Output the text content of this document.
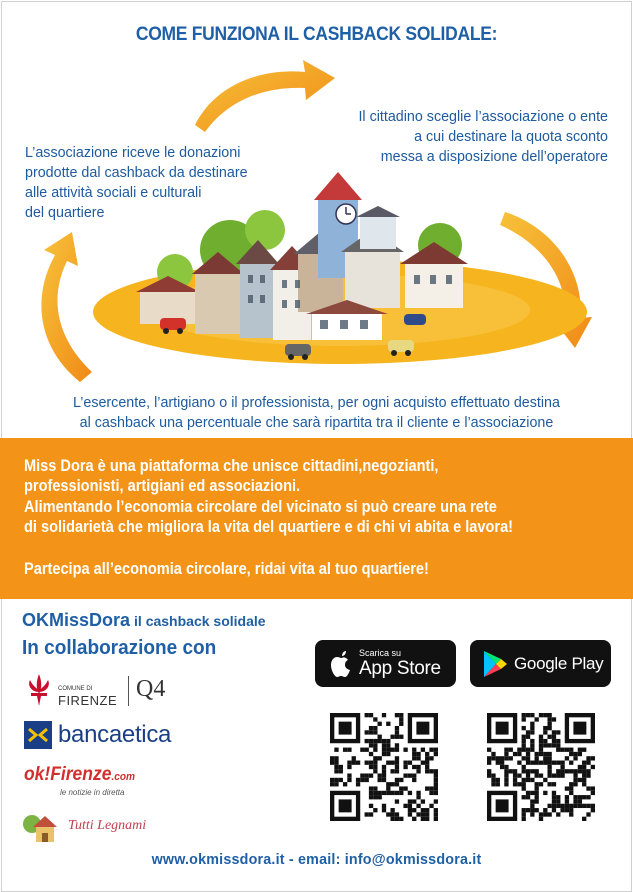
COME FUNZIONA IL CASHBACK SOLIDALE:
L’associazione riceve le donazioni
prodotte dal cashback da destinare
alle attività sociali e culturali
del quartiere
Il cittadino sceglie l’associazione o ente
a cui destinare la quota sconto
messa a disposizione dell’operatore
L’esercente, l’artigiano o il professionista, per ogni acquisto effettuato destina
al cashback una percentuale che sarà ripartita tra il cliente e l’associazione

Miss Dora è una piattaforma che unisce cittadini,negozianti,
professionisti, artigiani ed associazioni.

Alimentando l’economia circolare del vicinato si può creare una rete
di solidarietà che migliora la vita del quartiere e di chi vi abita e lavora!

Partecipa all’economia circolare, ridai vita al tuo quartiere!

OKMissDora il cashback solidale
In collaborazione con
COMUNE DI
FIRENZE Q4
bancaetica
ok!Firenze.com
le notizie in diretta
Tutti Legnami
Scarica su
App Store	Google Play
www.okmissdora.it - email: info@okmissdora.it
